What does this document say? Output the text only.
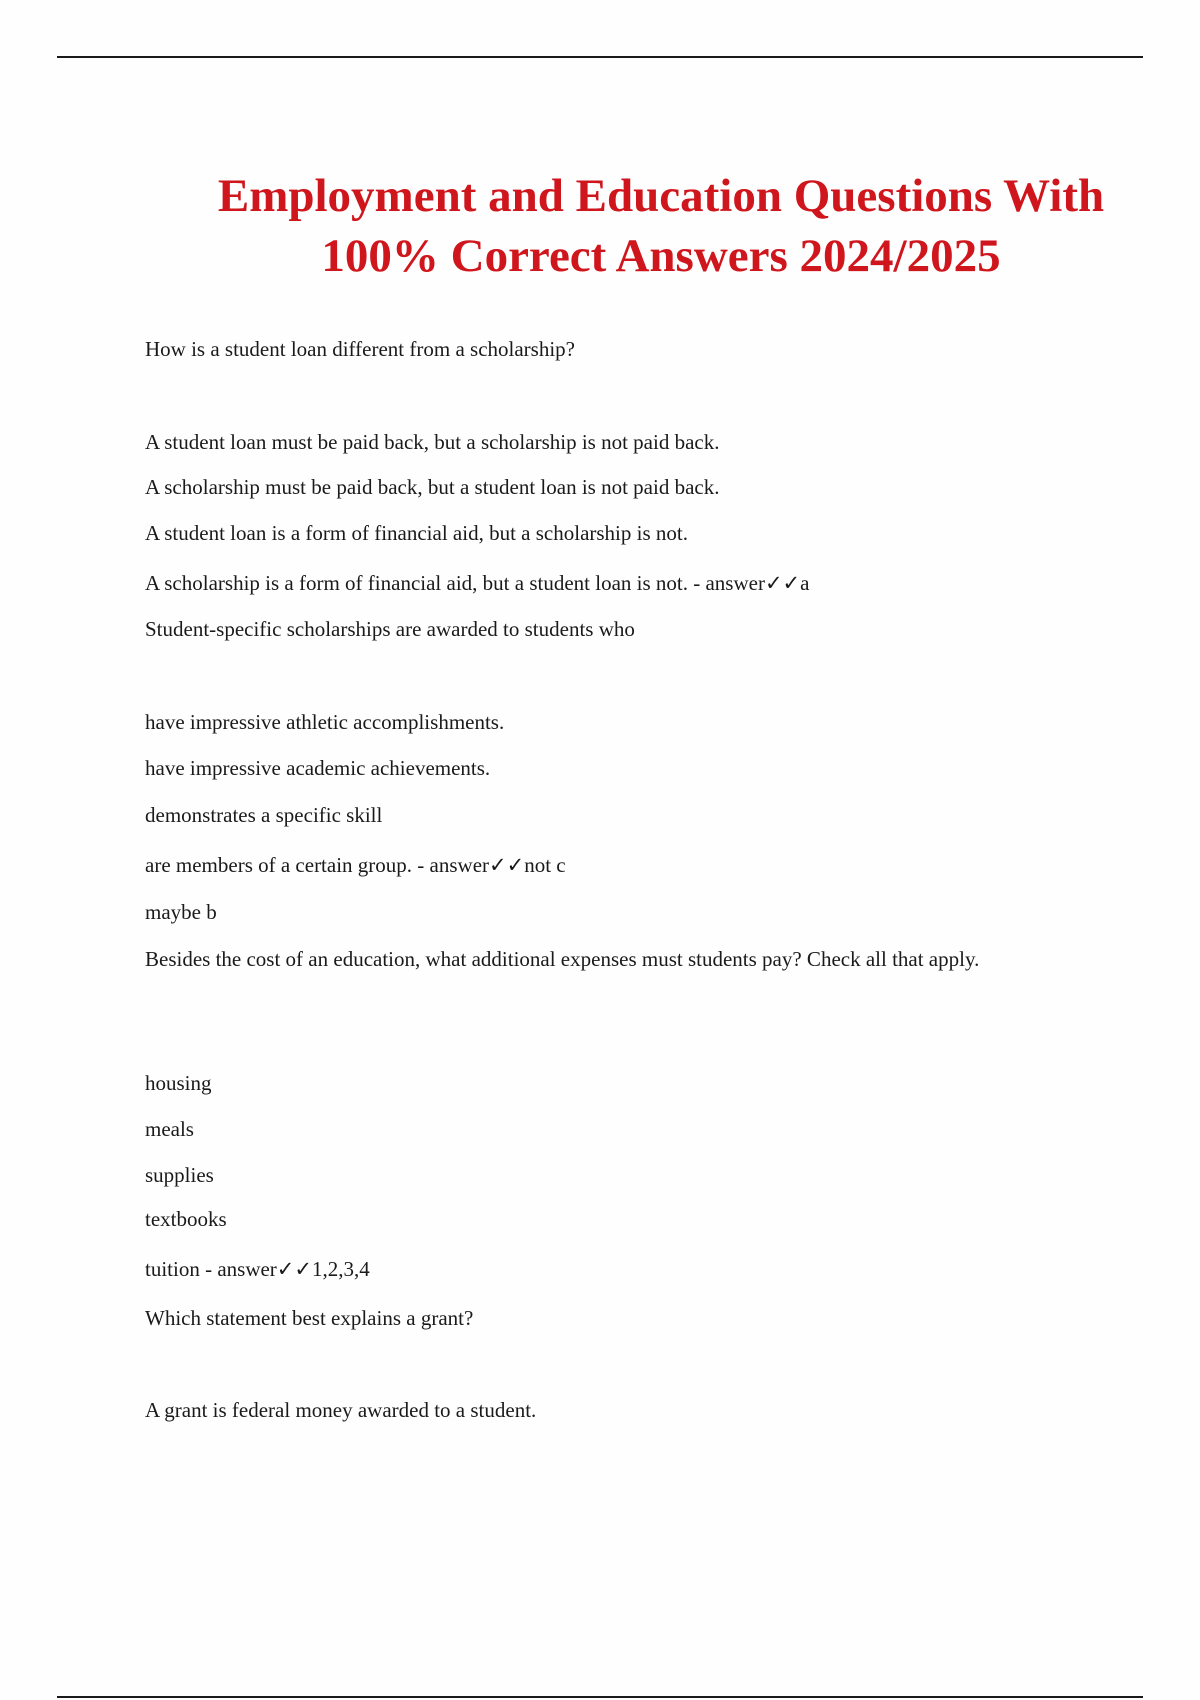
Employment and Education Questions With
100% Correct Answers 2024/2025
How is a student loan different from a scholarship?
A student loan must be paid back, but a scholarship is not paid back.
A scholarship must be paid back, but a student loan is not paid back.
A student loan is a form of financial aid, but a scholarship is not.
A scholarship is a form of financial aid, but a student loan is not. - answer✓✓a
Student-specific scholarships are awarded to students who
have impressive athletic accomplishments.
have impressive academic achievements.
demonstrates a specific skill
are members of a certain group. - answer✓✓not c
maybe b
Besides the cost of an education, what additional expenses must students pay? Check all that apply.
housing
meals
supplies
textbooks
tuition - answer✓✓1,2,3,4
Which statement best explains a grant?
A grant is federal money awarded to a student.
